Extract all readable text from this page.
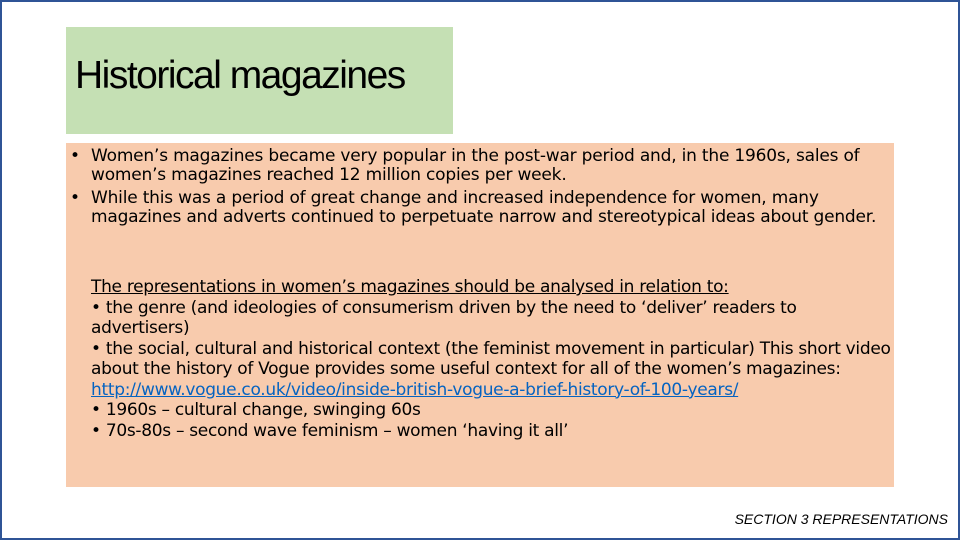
Historical magazines
• Women’s magazines became very popular in the post-war period and, in the 1960s, sales of women’s magazines reached 12 million copies per week.
• While this was a period of great change and increased independence for women, many magazines and adverts continued to perpetuate narrow and stereotypical ideas about gender.
The representations in women’s magazines should be analysed in relation to:
• the genre (and ideologies of consumerism driven by the need to ‘deliver’ readers to advertisers)
• the social, cultural and historical context (the feminist movement in particular) This short video about the history of Vogue provides some useful context for all of the women’s magazines:
http://www.vogue.co.uk/video/inside-british-vogue-a-brief-history-of-100-years/
• 1960s – cultural change, swinging 60s
• 70s-80s – second wave feminism – women ‘having it all’
SECTION 3 REPRESENTATIONS
